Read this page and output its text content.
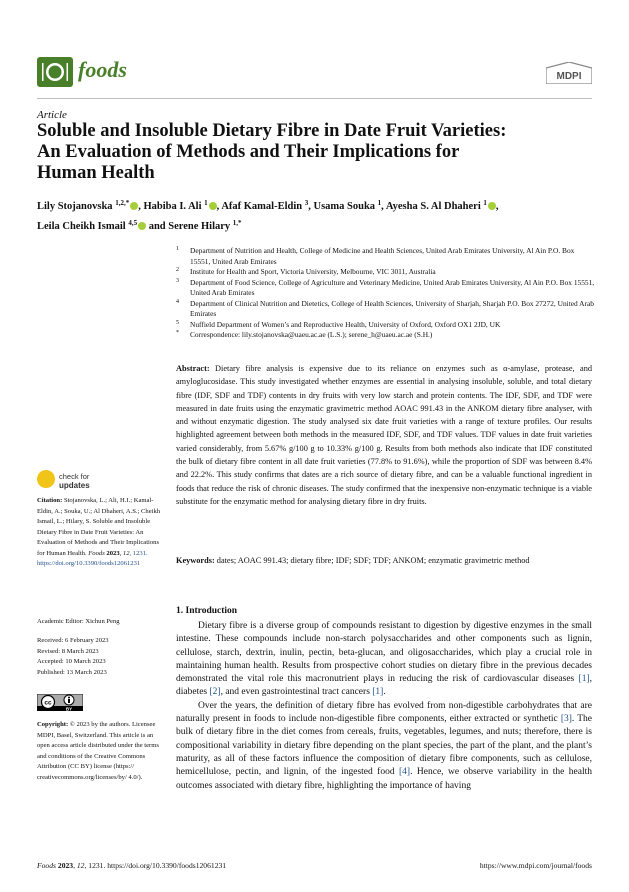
foods	MDPI
Article
Soluble and Insoluble Dietary Fibre in Date Fruit Varieties:
An Evaluation of Methods and Their Implications for
Human Health
Lily Stojanovska $^{1,2,*}$ , Habiba I. Ali $^1$ , Afaf Kamal-Eldin $^3$, Usama Souka $^1$, Ayesha S. Al Dhaheri $^1$ ,
Leila Cheikh Ismail $^{4,5}$ and Serene Hilary $^{1,*}$
1 Department of Nutrition and Health, College of Medicine and Health Sciences, United Arab Emirates University, Al Ain P.O. Box 15551, United Arab Emirates
2 Institute for Health and Sport, Victoria University, Melbourne, VIC 3011, Australia
3 Department of Food Science, College of Agriculture and Veterinary Medicine, United Arab Emirates University, Al Ain P.O. Box 15551, United Arab Emirates
4 Department of Clinical Nutrition and Dietetics, College of Health Sciences, University of Sharjah, Sharjah P.O. Box 27272, United Arab Emirates
5 Nuffield Department of Women’s and Reproductive Health, University of Oxford, Oxford OX1 2JD, UK
* Correspondence: lily.stojanovska@uaeu.ac.ae (L.S.); serene_h@uaeu.ac.ae (S.H.)
Abstract: Dietary fibre analysis is expensive due to its reliance on enzymes such as α-amylase, protease, and amyloglucosidase. This study investigated whether enzymes are essential in analysing insoluble, soluble, and total dietary fibre (IDF, SDF and TDF) contents in dry fruits with very low starch and protein contents. The IDF, SDF, and TDF were measured in date fruits using the enzymatic gravimetric method AOAC 991.43 in the ANKOM dietary fibre analyser, with and without enzymatic digestion. The study analysed six date fruit varieties with a range of texture profiles. Our results highlighted agreement between both methods in the measured IDF, SDF, and TDF values. TDF values in date fruit varieties varied considerably, from 5.67% g/100 g to 10.33% g/100 g. Results from both methods also indicate that IDF constituted the bulk of dietary fibre content in all date fruit varieties (77.8% to 91.6%), while the proportion of SDF was between 8.4% and 22.2%. This study confirms that dates are a rich source of dietary fibre, and can be a valuable functional ingredient in foods that reduce the risk of chronic diseases. The study confirmed that the inexpensive non-enzymatic technique is a viable substitute for the enzymatic method for analysing dietary fibre in dry fruits.
Keywords: dates; AOAC 991.43; dietary fibre; IDF; SDF; TDF; ANKOM; enzymatic gravimetric method
check for
updates
Citation: Stojanovska, L.; Ali, H.I.; Kamal-Eldin, A.; Souka, U.; Al Dhaheri, A.S.; Cheikh Ismail, L.; Hilary, S. Soluble and Insoluble Dietary Fibre in Date Fruit Varieties: An Evaluation of Methods and Their Implications for Human Health. Foods 2023, 12, 1231. https://doi.org/10.3390/foods12061231
Academic Editor: Xichun Peng
Received: 6 February 2023
Revised: 8 March 2023
Accepted: 10 March 2023
Published: 13 March 2023
cc
BY
Copyright: © 2023 by the authors. Licensee MDPI, Basel, Switzerland. This article is an open access article distributed under the terms and conditions of the Creative Commons Attribution (CC BY) license (https:// creativecommons.org/licenses/by/ 4.0/).
1. Introduction

Dietary fibre is a diverse group of compounds resistant to digestion by digestive enzymes in the small intestine. These compounds include non-starch polysaccharides and other components such as lignin, cellulose, starch, dextrin, inulin, pectin, beta-glucan, and oligosaccharides, which play a crucial role in maintaining human health. Results from prospective cohort studies on dietary fibre in the previous decades demonstrated the vital role this macronutrient plays in reducing the risk of cardiovascular diseases [1], diabetes [2], and even gastrointestinal tract cancers [1].

Over the years, the definition of dietary fibre has evolved from non-digestible carbohydrates that are naturally present in foods to include non-digestible fibre components, either extracted or synthetic [3]. The bulk of dietary fibre in the diet comes from cereals, fruits, vegetables, legumes, and nuts; therefore, there is compositional variability in dietary fibre depending on the plant species, the part of the plant, and the plant’s maturity, as all of these factors influence the composition of dietary fibre components, such as cellulose, hemicellulose, pectin, and lignin, of the ingested food [4]. Hence, we observe variability in the health outcomes associated with dietary fibre, highlighting the importance of having

Foods 2023, 12, 1231. https://doi.org/10.3390/foods12061231	https://www.mdpi.com/journal/foods
